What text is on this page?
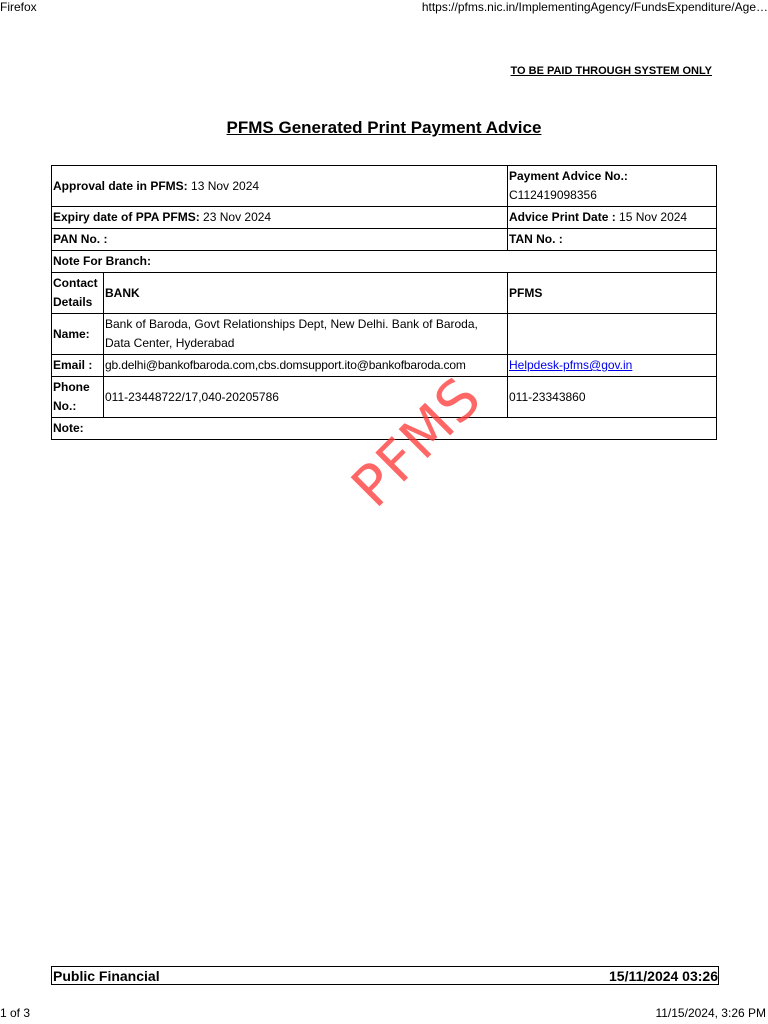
Firefox	https://pfms.nic.in/ImplementingAgency/FundsExpenditure/Age…
TO BE PAID THROUGH SYSTEM ONLY
PFMS Generated Print Payment Advice
Approval date in PFMS: 13 Nov 2024		Payment Advice No.:
C112419098356
Expiry date of PPA PFMS: 23 Nov 2024		Advice Print Date : 15 Nov 2024
PAN No. :		TAN No. :
Note For Branch:		
Contact Details	BANK	PFMS
Name:	Bank of Baroda, Govt Relationships Dept, New Delhi. Bank of Baroda, Data Center, Hyderabad	
Email :	gb.delhi@bankofbaroda.com,cbs.domsupport.ito@bankofbaroda.com	Helpdesk-pfms@gov.in
Phone No.:	011-23448722/17,040-20205786	011-23343860
Note:			PFMS
Public Financial	15/11/2024 03:26
1 of 3	11/15/2024, 3:26 PM
